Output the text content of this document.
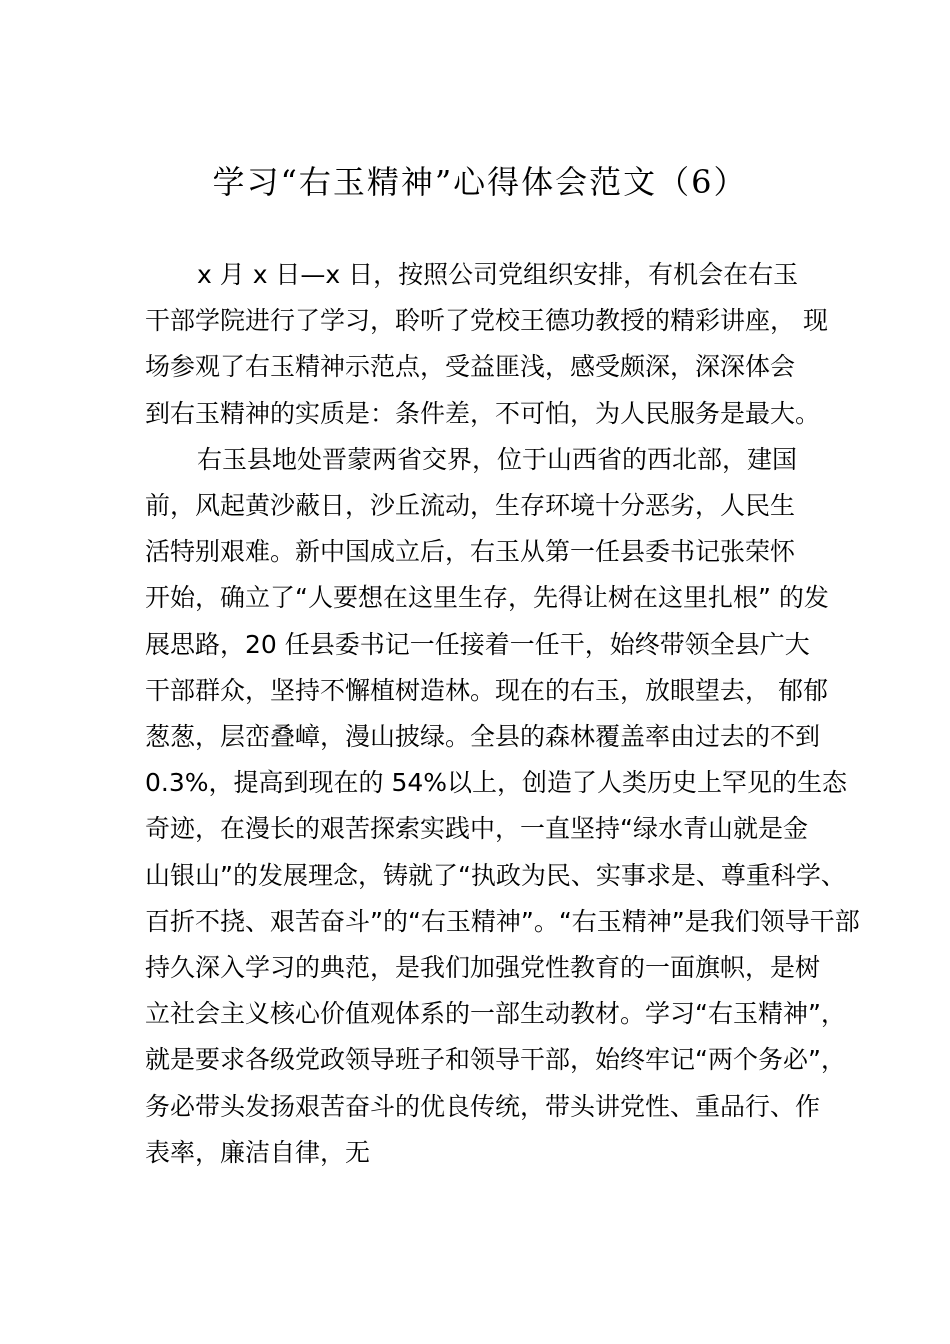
学习“右玉精神”心得体会范文（6）

x 月 x 日—x 日，按照公司党组织安排，有机会在右玉
干部学院进行了学习，聆听了党校王德功教授的精彩讲座， 现
场参观了右玉精神示范点，受益匪浅，感受颇深，深深体会
到右玉精神的实质是：条件差，不可怕，为人民服务是最大。

右玉县地处晋蒙两省交界，位于山西省的西北部，建国
前，风起黄沙蔽日，沙丘流动，生存环境十分恶劣，人民生
活特别艰难。新中国成立后，右玉从第一任县委书记张荣怀
开始，确立了“人要想在这里生存，先得让树在这里扎根” 的发
展思路，20 任县委书记一任接着一任干，始终带领全县广大
干部群众，坚持不懈植树造林。现在的右玉，放眼望去， 郁郁
葱葱，层峦叠嶂，漫山披绿。全县的森林覆盖率由过去的不到
0.3%，提高到现在的 54%以上，创造了人类历史上罕见的生态
奇迹，在漫长的艰苦探索实践中，一直坚持“绿水青山就是金
山银山”的发展理念，铸就了“执政为民、实事求是、尊重科学、
百折不挠、艰苦奋斗”的“右玉精神”。“右玉精神”是我们领导干部
持久深入学习的典范，是我们加强党性教育的一面旗帜，是树
立社会主义核心价值观体系的一部生动教材。学习“右玉精神”，
就是要求各级党政领导班子和领导干部，始终牢记“两个务必”，
务必带头发扬艰苦奋斗的优良传统，带头讲党性、重品行、作
表率，廉洁自律，无
